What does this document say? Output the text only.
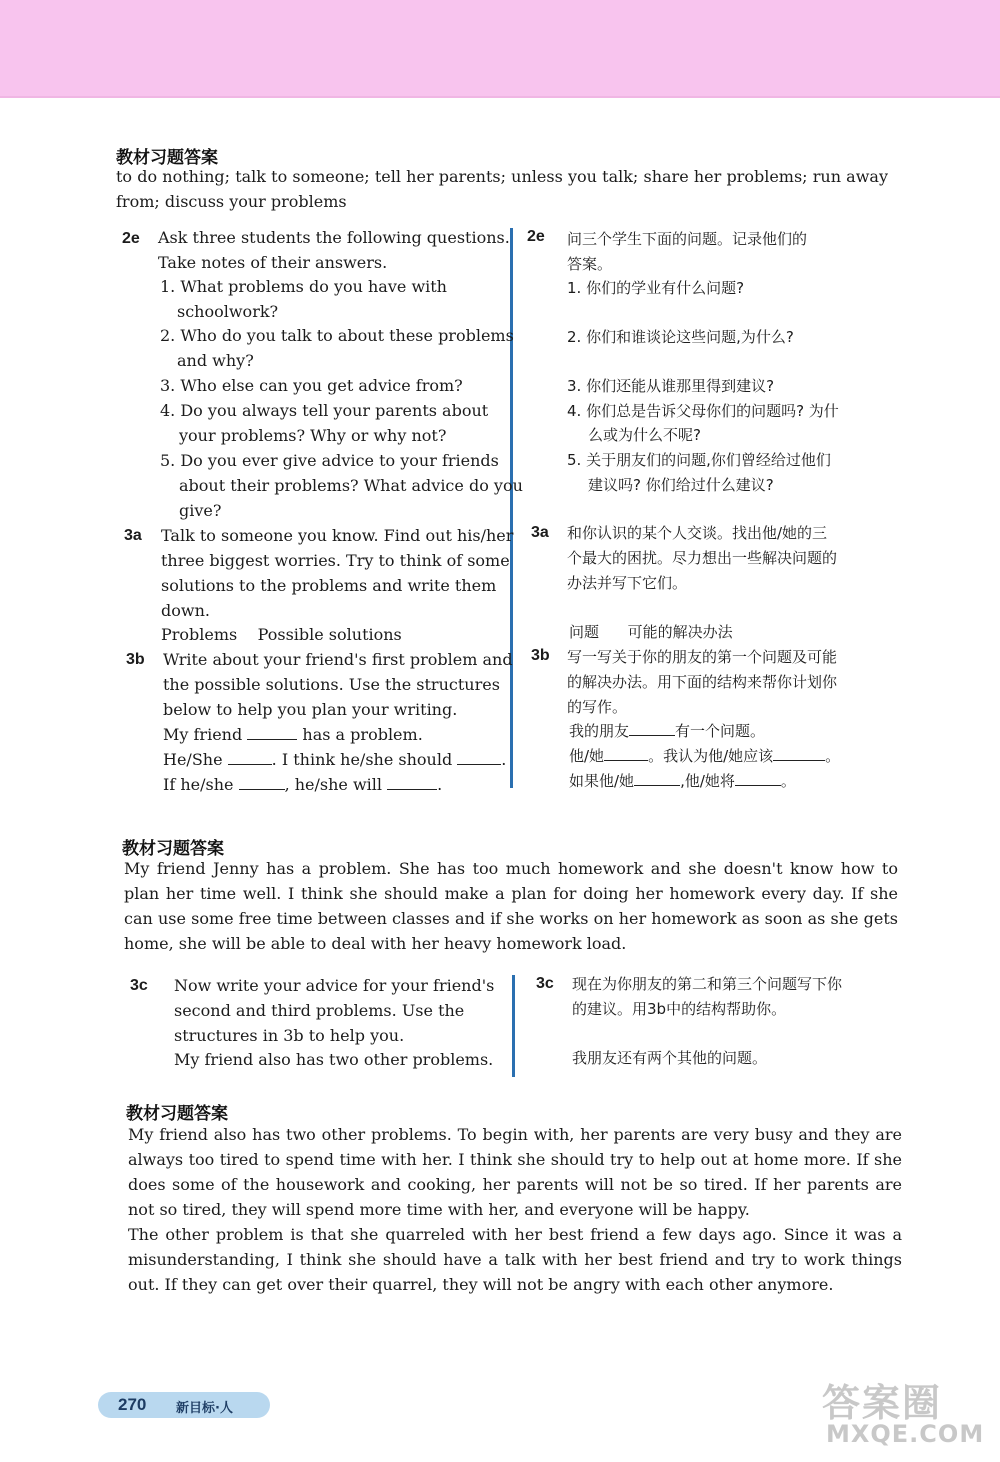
教材习题答案
to do nothing; talk to someone; tell her parents; unless you talk; share her problems; run away from; discuss your problems
2e Ask three students the following questions.
Take notes of their answers.
1. What problems do you have with
schoolwork?
2. Who do you talk to about these problems
and why?
3. Who else can you get advice from?
4. Do you always tell your parents about
your problems? Why or why not?
5. Do you ever give advice to your friends
about their problems? What advice do you
give?
2e 问三个学生下面的问题。记录他们的
答案。
1. 你们的学业有什么问题?
2. 你们和谁谈论这些问题,为什么?
3. 你们还能从谁那里得到建议?
4. 你们总是告诉父母你们的问题吗? 为什
么或为什么不呢?
5. 关于朋友们的问题,你们曾经给过他们
建议吗? 你们给过什么建议?
3a Talk to someone you know. Find out his/her
three biggest worries. Try to think of some
solutions to the problems and write them
down.
Problems    Possible solutions
3a 和你认识的某个人交谈。找出他/她的三
个最大的困扰。尽力想出一些解决问题的
办法并写下它们。
问题      可能的解决办法
3b Write about your friend's first problem and
the possible solutions. Use the structures
below to help you plan your writing.
My friend	has a problem.
He/She	. I think he/she should	.
If he/she	, he/she will	.
3b 写一写关于你的朋友的第一个问题及可能
的解决办法。用下面的结构来帮你计划你
的写作。
我的朋友	有一个问题。
他/她	。我认为他/她应该	。
如果他/她	,他/她将	。
教材习题答案
My friend Jenny has a problem. She has too much homework and she doesn't know how to plan her time well. I think she should make a plan for doing her homework every day. If she can use some free time between classes and if she works on her homework as soon as she gets home, she will be able to deal with her heavy homework load.
3c Now write your advice for your friend's
second and third problems. Use the
structures in 3b to help you.
My friend also has two other problems.
3c 现在为你朋友的第二和第三个问题写下你
的建议。用3b中的结构帮助你。
我朋友还有两个其他的问题。
教材习题答案
My friend also has two other problems. To begin with, her parents are very busy and they are always too tired to spend time with her. I think she should try to help out at home more. If she does some of the housework and cooking, her parents will not be so tired. If her parents are not so tired, they will spend more time with her, and everyone will be happy.
The other problem is that she quarreled with her best friend a few days ago. Since it was a misunderstanding, I think she should have a talk with her best friend and try to work things out. If they can get over their quarrel, they will not be angry with each other anymore.
270 新目标·人	答案圈
MXQE.COM
